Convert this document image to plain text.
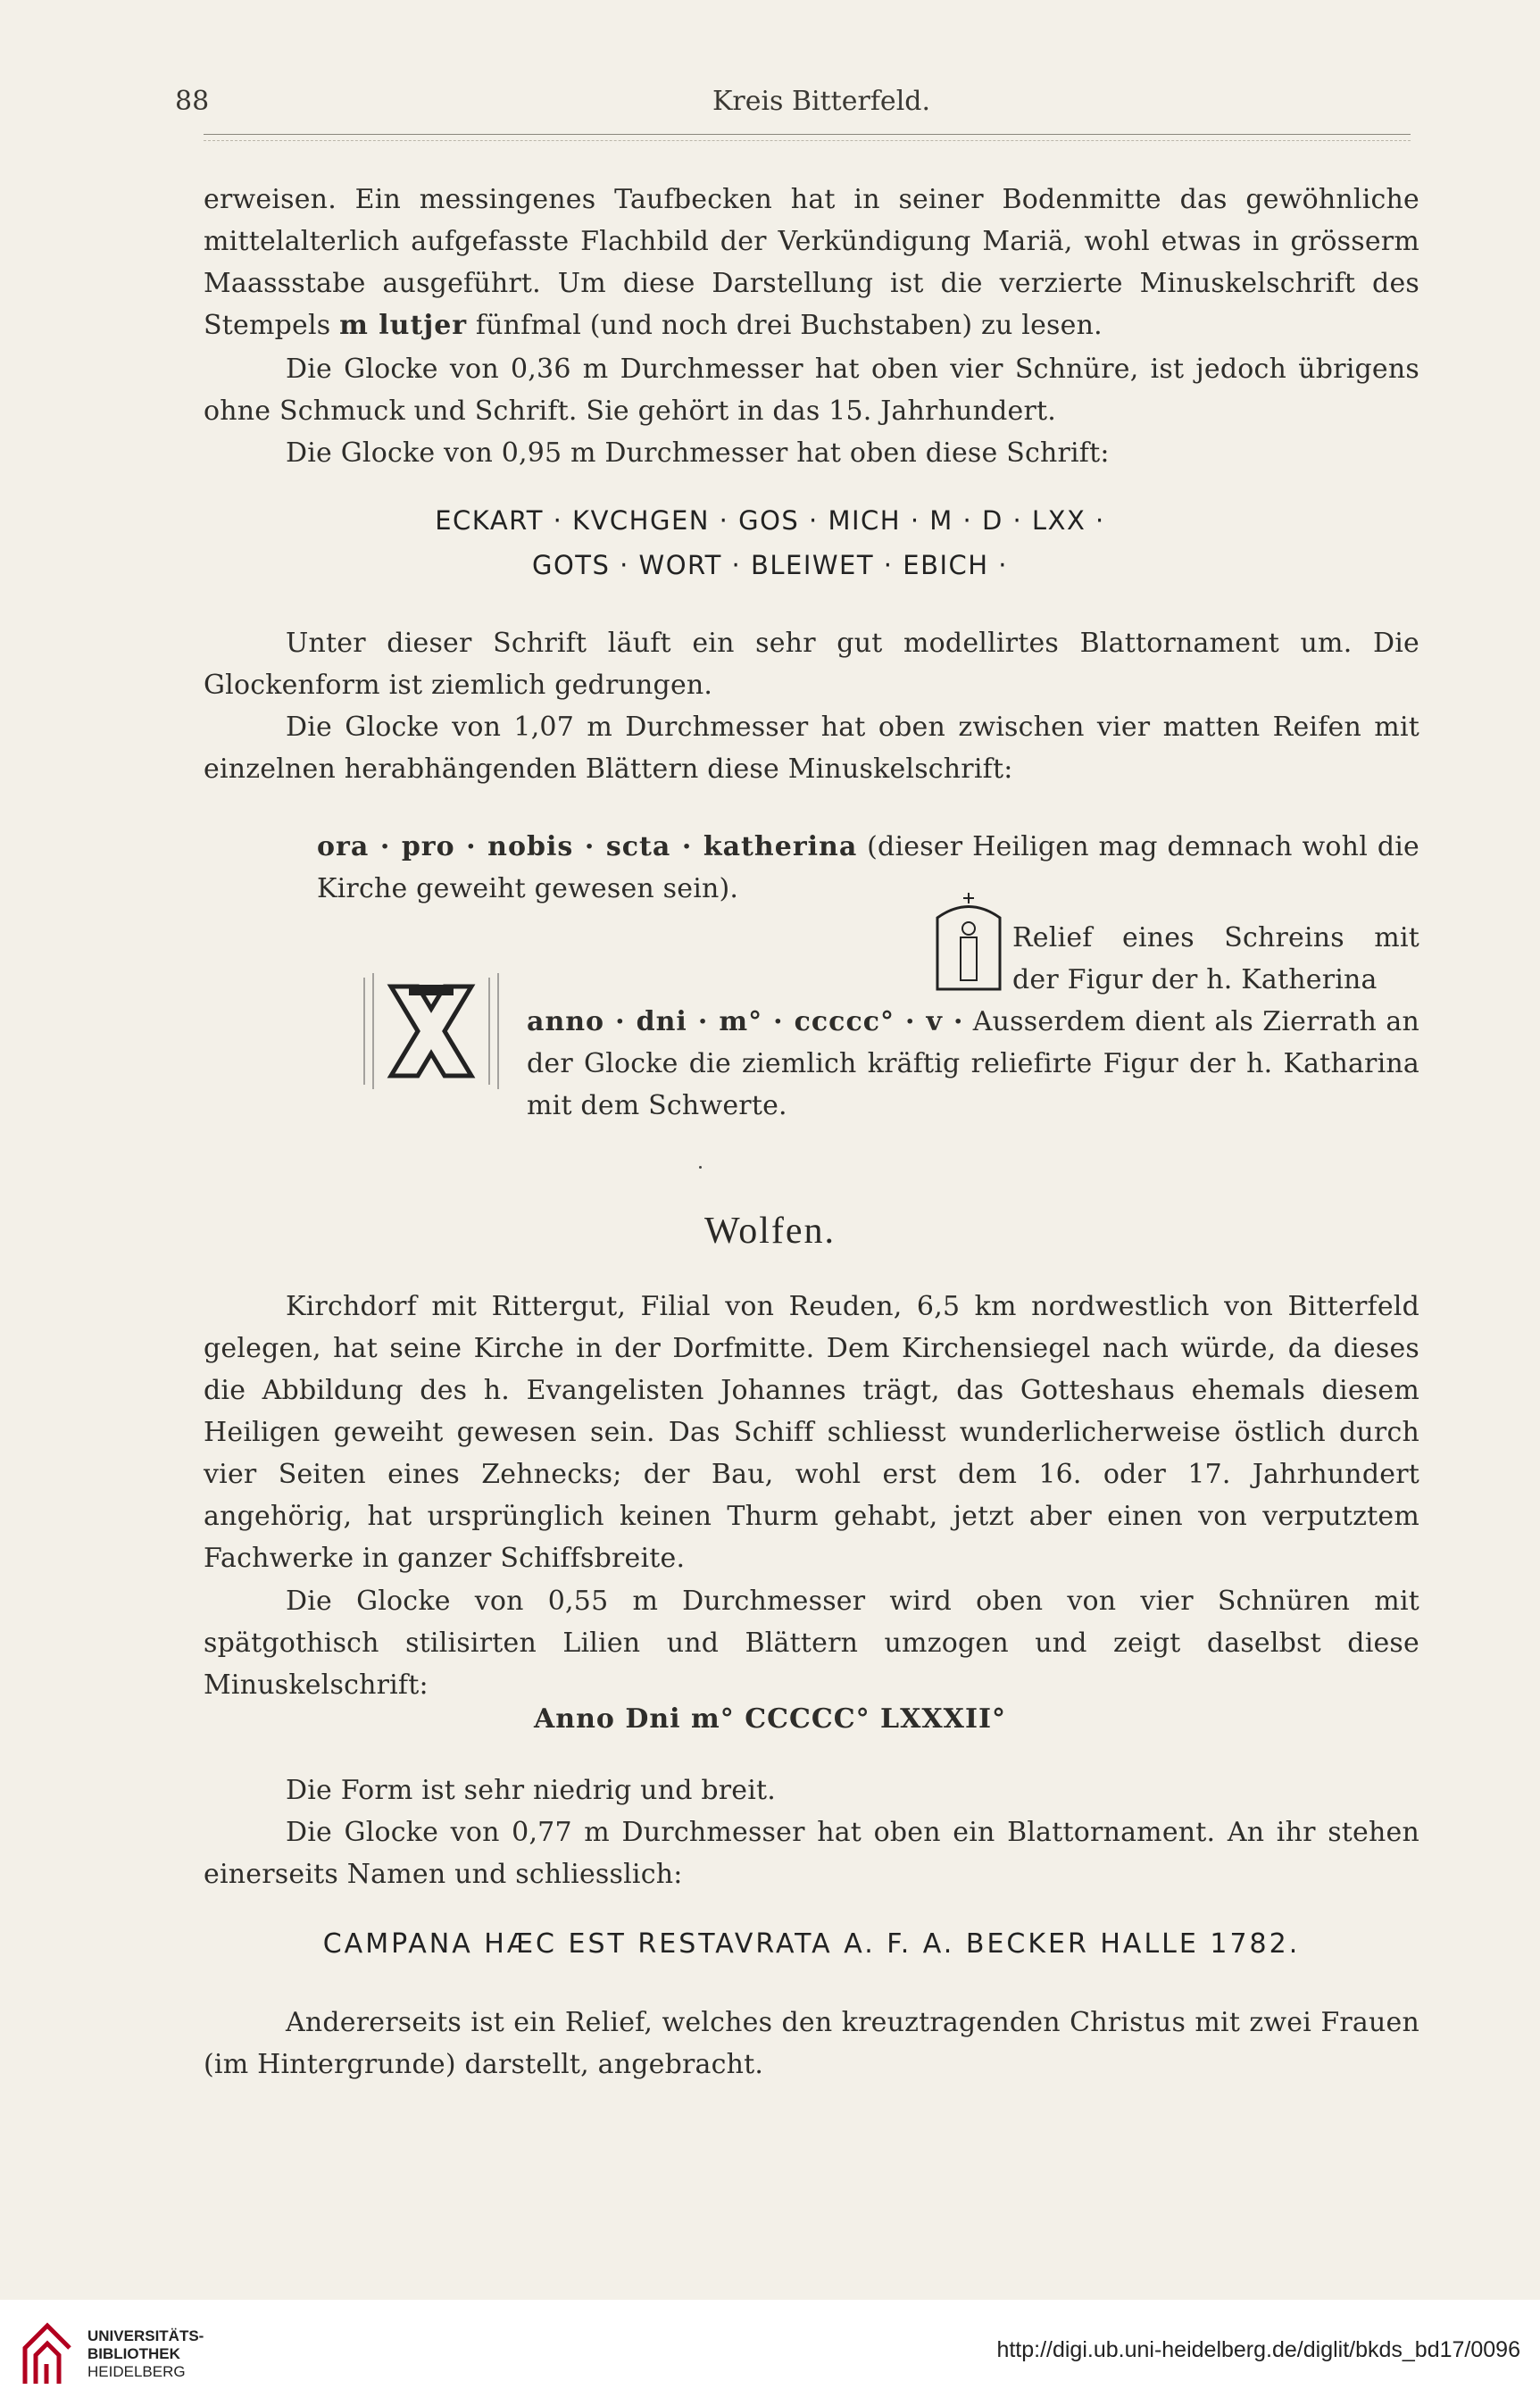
88	Kreis Bitterfeld.
erweisen. Ein messingenes Taufbecken hat in seiner Bodenmitte das gewöhnliche mittelalterlich aufgefasste Flachbild der Verkündigung Mariä, wohl etwas in grösserm Maassstabe ausgeführt. Um diese Darstellung ist die verzierte Minuskelschrift des Stempels m lutjer fünfmal (und noch drei Buchstaben) zu lesen.
Die Glocke von 0,36 m Durchmesser hat oben vier Schnüre, ist jedoch übrigens ohne Schmuck und Schrift. Sie gehört in das 15. Jahrhundert.
Die Glocke von 0,95 m Durchmesser hat oben diese Schrift:
ECKART · KVCHGEN · GOS · MICH · M · D · LXX ·
GOTS · WORT · BLEIWET · EBICH ·
Unter dieser Schrift läuft ein sehr gut modellirtes Blattornament um. Die Glockenform ist ziemlich gedrungen.
Die Glocke von 1,07 m Durchmesser hat oben zwischen vier matten Reifen mit einzelnen herabhängenden Blättern diese Minuskelschrift:
ora · pro · nobis · scta · katherina (dieser Heiligen mag demnach wohl die Kirche geweiht gewesen sein).
Relief eines Schreins mit
der Figur der h. Katherina
anno · dni · m° · ccccc° · v · Ausserdem dient als Zierrath an der Glocke die ziemlich kräftig reliefirte Figur der h. Katharina mit dem Schwerte.
Wolfen.
Kirchdorf mit Rittergut, Filial von Reuden, 6,5 km nordwestlich von Bitterfeld gelegen, hat seine Kirche in der Dorfmitte. Dem Kirchensiegel nach würde, da dieses die Abbildung des h. Evangelisten Johannes trägt, das Gotteshaus ehemals diesem Heiligen geweiht gewesen sein. Das Schiff schliesst wunderlicherweise östlich durch vier Seiten eines Zehnecks; der Bau, wohl erst dem 16. oder 17. Jahrhundert angehörig, hat ursprünglich keinen Thurm gehabt, jetzt aber einen von verputztem Fachwerke in ganzer Schiffsbreite.
Die Glocke von 0,55 m Durchmesser wird oben von vier Schnüren mit spätgothisch stilisirten Lilien und Blättern umzogen und zeigt daselbst diese Minuskelschrift:
Anno Dni m° CCCCC° LXXXII°
Die Form ist sehr niedrig und breit.
Die Glocke von 0,77 m Durchmesser hat oben ein Blattornament. An ihr stehen einerseits Namen und schliesslich:
CAMPANA HÆC EST RESTAVRATA A. F. A. BECKER HALLE 1782.
Andererseits ist ein Relief, welches den kreuztragenden Christus mit zwei Frauen (im Hintergrunde) darstellt, angebracht.
UNIVERSITÄTS-
BIBLIOTHEK
HEIDELBERG
http://digi.ub.uni-heidelberg.de/diglit/bkds_bd17/0096
